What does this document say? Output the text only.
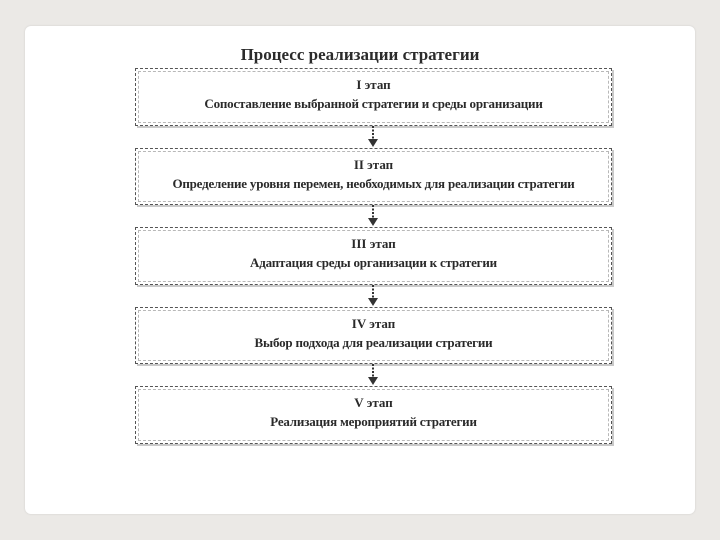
Процесс реализации стратегии
I этап
Сопоставление выбранной стратегии и среды организации
II этап
Определение уровня перемен, необходимых для реализации стратегии
III этап
Адаптация среды организации к стратегии
IV этап
Выбор подхода для реализации стратегии
V этап
Реализация мероприятий стратегии
